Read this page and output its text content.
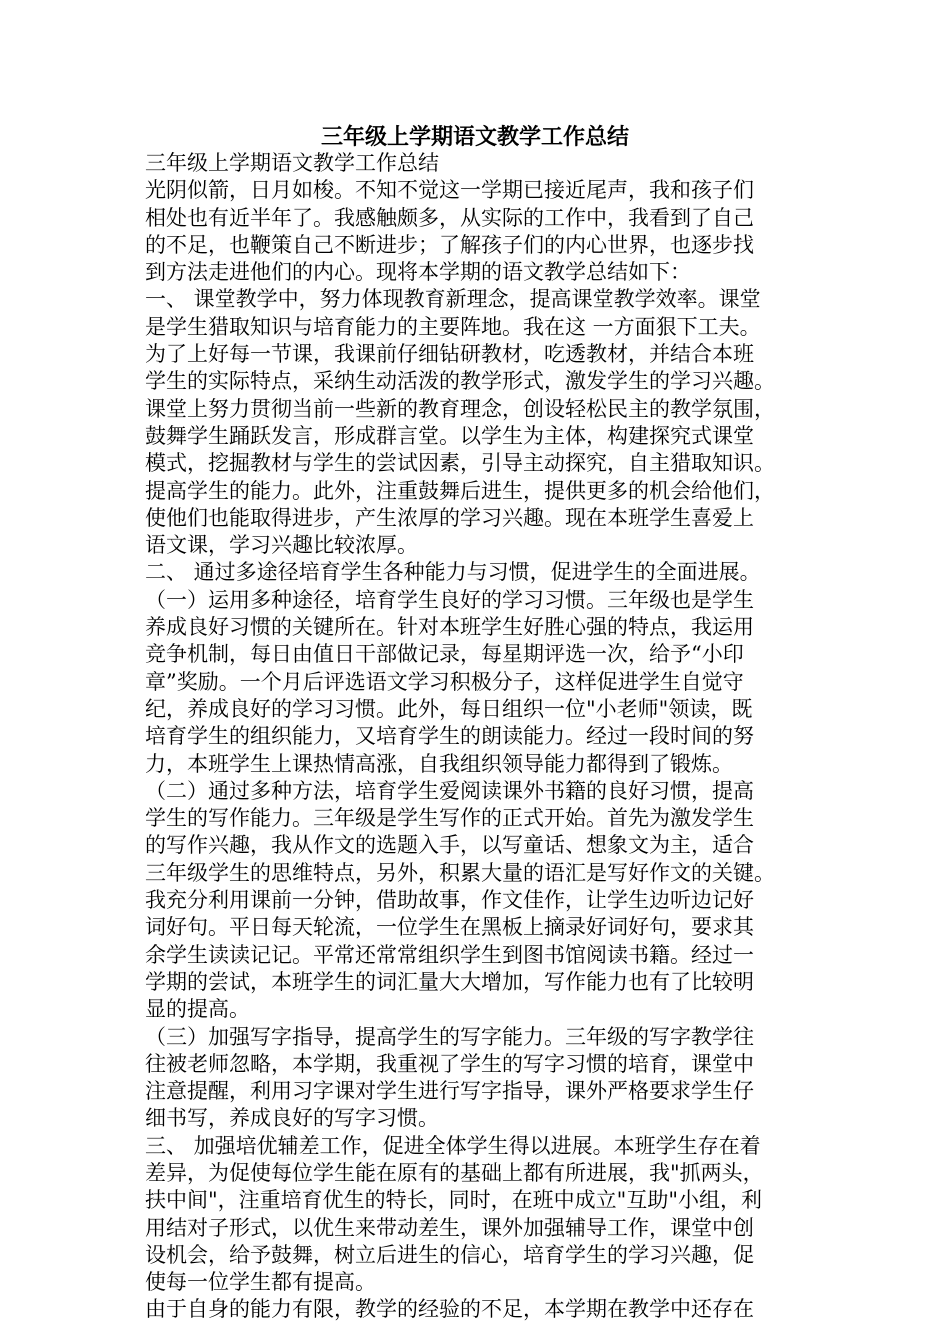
三年级上学期语文教学工作总结
三年级上学期语文教学工作总结
光阴似箭，日月如梭。不知不觉这一学期已接近尾声，我和孩子们
相处也有近半年了。我感触颇多，从实际的工作中，我看到了自己
的不足，也鞭策自己不断进步；了解孩子们的内心世界，也逐步找
到方法走进他们的内心。现将本学期的语文教学总结如下：
一、 课堂教学中，努力体现教育新理念，提高课堂教学效率。课堂
是学生猎取知识与培育能力的主要阵地。我在这 一方面狠下工夫。
为了上好每一节课，我课前仔细钻研教材，吃透教材，并结合本班
学生的实际特点，采纳生动活泼的教学形式，激发学生的学习兴趣。
课堂上努力贯彻当前一些新的教育理念，创设轻松民主的教学氛围，
鼓舞学生踊跃发言，形成群言堂。以学生为主体，构建探究式课堂
模式，挖掘教材与学生的尝试因素，引导主动探究，自主猎取知识。
提高学生的能力。此外，注重鼓舞后进生，提供更多的机会给他们，
使他们也能取得进步，产生浓厚的学习兴趣。现在本班学生喜爱上
语文课，学习兴趣比较浓厚。
二、 通过多途径培育学生各种能力与习惯，促进学生的全面进展。
（一）运用多种途径，培育学生良好的学习习惯。三年级也是学生
养成良好习惯的关键所在。针对本班学生好胜心强的特点，我运用
竞争机制，每日由值日干部做记录，每星期评选一次，给予“小印
章”奖励。一个月后评选语文学习积极分子，这样促进学生自觉守
纪，养成良好的学习习惯。此外，每日组织一位"小老师"领读，既
培育学生的组织能力，又培育学生的朗读能力。经过一段时间的努
力，本班学生上课热情高涨，自我组织领导能力都得到了锻炼。
（二）通过多种方法，培育学生爱阅读课外书籍的良好习惯，提高
学生的写作能力。三年级是学生写作的正式开始。首先为激发学生
的写作兴趣，我从作文的选题入手，以写童话、想象文为主，适合
三年级学生的思维特点，另外，积累大量的语汇是写好作文的关键。
我充分利用课前一分钟，借助故事，作文佳作，让学生边听边记好
词好句。平日每天轮流，一位学生在黑板上摘录好词好句，要求其
余学生读读记记。平常还常常组织学生到图书馆阅读书籍。经过一
学期的尝试，本班学生的词汇量大大增加，写作能力也有了比较明
显的提高。
（三）加强写字指导，提高学生的写字能力。三年级的写字教学往
往被老师忽略，本学期，我重视了学生的写字习惯的培育，课堂中
注意提醒，利用习字课对学生进行写字指导，课外严格要求学生仔
细书写，养成良好的写字习惯。
三、 加强培优辅差工作，促进全体学生得以进展。本班学生存在着
差异，为促使每位学生能在原有的基础上都有所进展，我"抓两头，
扶中间"，注重培育优生的特长，同时，在班中成立"互助"小组，利
用结对子形式，以优生来带动差生，课外加强辅导工作，课堂中创
设机会，给予鼓舞，树立后进生的信心，培育学生的学习兴趣，促
使每一位学生都有提高。
由于自身的能力有限，教学的经验的不足，本学期在教学中还存在
